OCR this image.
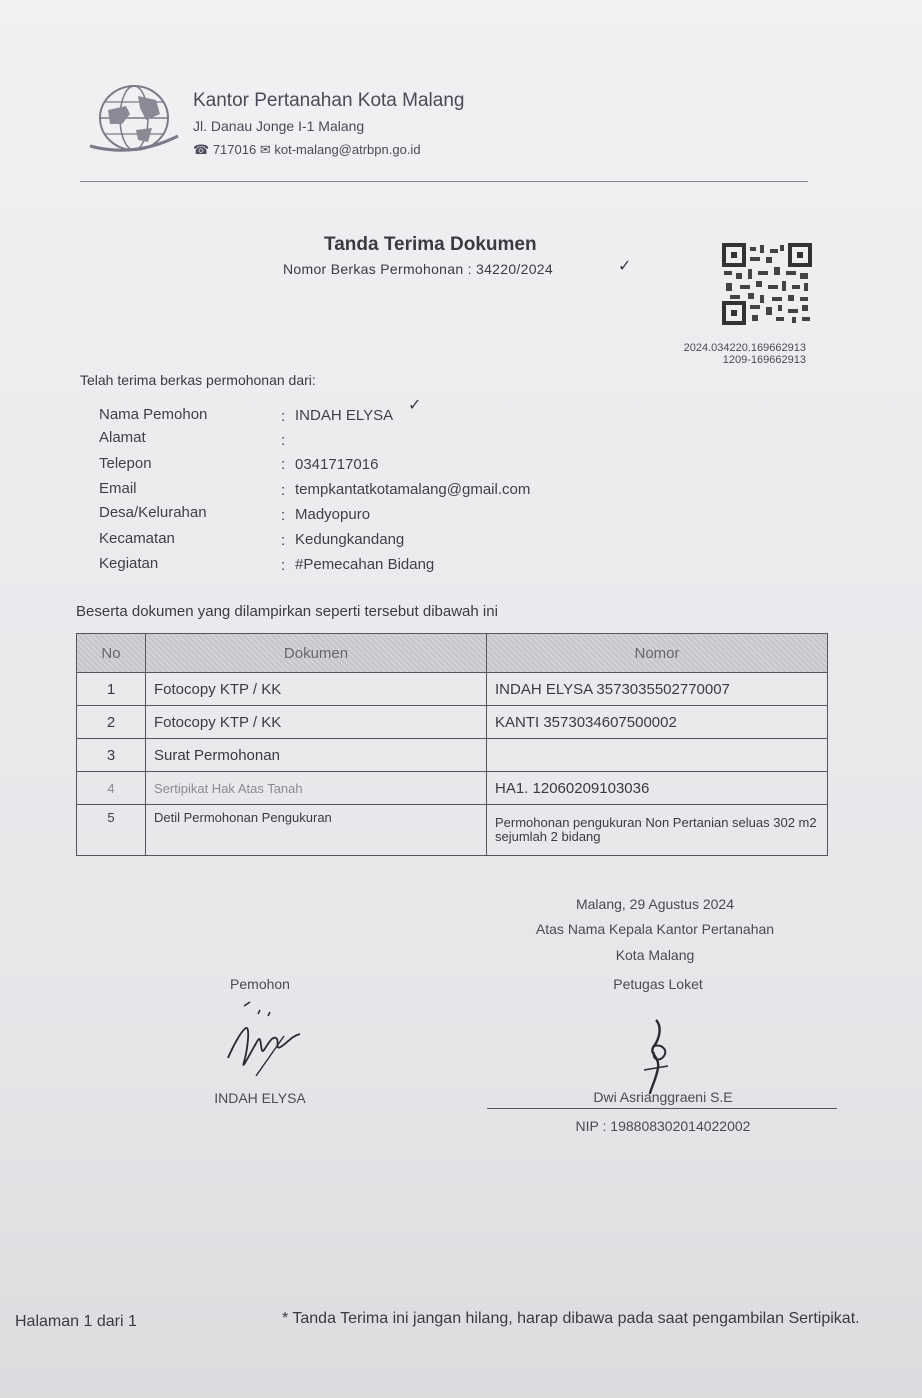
Kantor Pertanahan Kota Malang
Jl. Danau Jonge I-1 Malang
☎ 717016 ✉ kot-malang@atrbpn.go.id
Tanda Terima Dokumen
Nomor Berkas Permohonan : 34220/2024	✓
2024.034220.169662913
1209-169662913
Telah terima berkas permohonan dari:
Nama Pemohon	: INDAH ELYSA
✓
Alamat	:
Telepon	: 0341717016
Email	: tempkantatkotamalang@gmail.com
Desa/Kelurahan	: Madyopuro
Kecamatan	: Kedungkandang
Kegiatan	: #Pemecahan Bidang
Beserta dokumen yang dilampirkan seperti tersebut dibawah ini
No	Dokumen	Nomor
1	Fotocopy KTP / KK	INDAH ELYSA 3573035502770007
2	Fotocopy KTP / KK	KANTI 3573034607500002
3	Surat Permohonan	
4	Sertipikat Hak Atas Tanah	HA1. 12060209103036
5	Detil Permohonan Pengukuran	Permohonan pengukuran Non Pertanian seluas 302 m2 sejumlah 2 bidang
Malang, 29 Agustus 2024
Atas Nama Kepala Kantor Pertanahan
Kota Malang
Pemohon	Petugas Loket
INDAH ELYSA	Dwi Asrianggraeni S.E
NIP : 198808302014022002
Halaman 1 dari 1	* Tanda Terima ini jangan hilang, harap dibawa pada saat pengambilan Sertipikat.
